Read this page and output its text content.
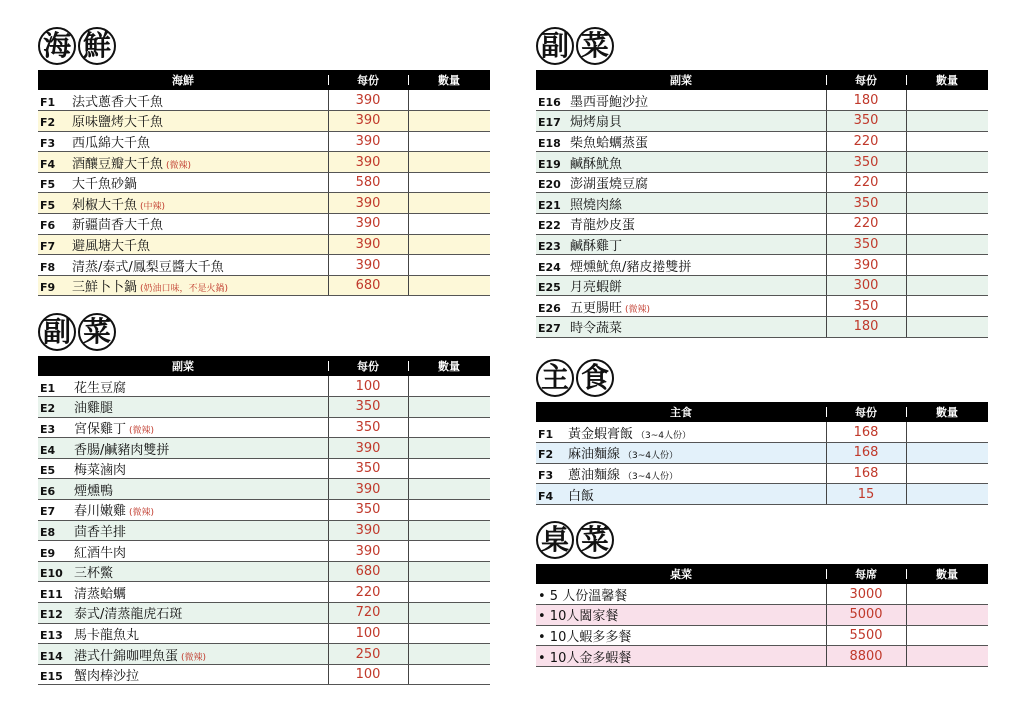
海 鮮
海鮮	每份	數量
F1 法式蔥香大千魚	390	
F2 原味鹽烤大千魚	390	
F3 西瓜綿大千魚	390	
F4 酒釀豆瓣大千魚 (微辣)	390	
F5 大千魚砂鍋	580	
F5 剁椒大千魚 (中辣)	390	
F6 新疆茴香大千魚	390	
F7 避風塘大千魚	390	
F8 清蒸/泰式/鳳梨豆醬大千魚	390	
F9 三鮮卜卜鍋 (奶油口味，不是火鍋)	680	
副 菜
副菜	每份	數量
E1 花生豆腐	100	
E2 油雞腿	350	
E3 宮保雞丁 (微辣)	350	
E4 香腸/鹹豬肉雙拼	390	
E5 梅菜滷肉	350	
E6 煙燻鴨	390	
E7 春川嫩雞 (微辣)	350	
E8 茴香羊排	390	
E9 紅酒牛肉	390	
E10 三杯鱉	680	
E11 清蒸蛤蠣	220	
E12 泰式/清蒸龍虎石斑	720	
E13 馬卡龍魚丸	100	
E14 港式什錦咖哩魚蛋 (微辣)	250	
E15 蟹肉棒沙拉	100	
副 菜
副菜	每份	數量
E16 墨西哥鮑沙拉	180	
E17 焗烤扇貝	350	
E18 柴魚蛤蠣蒸蛋	220	
E19 鹹酥魷魚	350	
E20 澎湖蛋燒豆腐	220	
E21 照燒肉絲	350	
E22 青龍炒皮蛋	220	
E23 鹹酥雞丁	350	
E24 煙燻魷魚/豬皮捲雙拼	390	
E25 月亮蝦餅	300	
E26 五更腸旺 (微辣)	350	
E27 時令蔬菜	180	
主 食
主食	每份	數量
F1 黃金蝦膏飯 （3~4人份）	168	
F2 麻油麵線 （3~4人份）	168	
F3 蔥油麵線 （3~4人份）	168	
F4 白飯	15	
桌 菜
桌菜	每席	數量
• 5 人份溫馨餐	3000	
• 10人闔家餐	5000	
• 10人蝦多多餐	5500	
• 10人金多蝦餐	8800	
